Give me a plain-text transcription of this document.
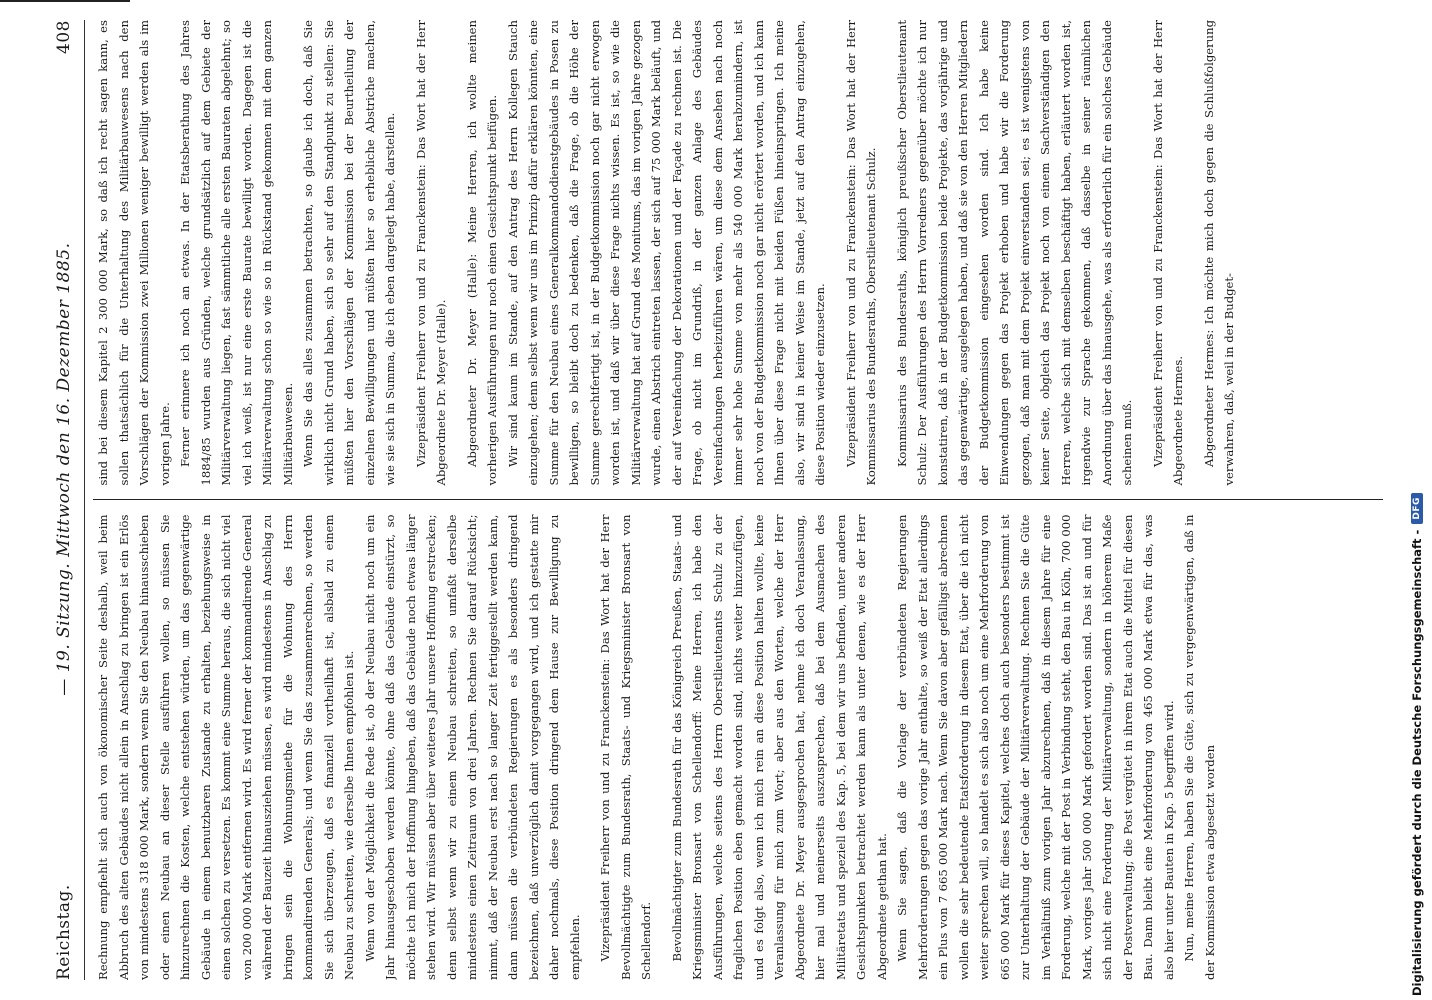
Reichstag.
— 19. Sitzung. Mittwoch den 16. Dezember 1885.
408

Rechnung empfiehlt sich auch von ökonomischer Seite deshalb, weil beim Abbruch des alten Gebäudes nicht allein in Anschlag zu bringen ist ein Erlös von mindestens 318 000 Mark, sondern wenn Sie den Neubau hinausschieben oder einen Neubau an dieser Stelle ausführen wollen, so müssen Sie hinzurechnen die Kosten, welche entstehen würden, um das gegenwärtige Gebäude in einem benutzbaren Zustande zu erhalten, beziehungsweise in einen solchen zu versetzen. Es kommt eine Summe heraus, die sich nicht viel von 200 000 Mark entfernen wird. Es wird ferner der kommandirende General während der Bauzeit hinausziehen müssen, es wird mindestens in Anschlag zu bringen sein die Wohnungsmiethe für die Wohnung des Herrn kommandirenden Generals; und wenn Sie das zusammenrechnen, so werden Sie sich überzeugen, daß es finanziell vortheilhaft ist, alsbald zu einem Neubau zu schreiten, wie derselbe Ihnen empfohlen ist. Wenn von der Möglichkeit die Rede ist, ob der Neubau nicht noch um ein Jahr hinausgeschoben werden könnte, ohne daß das Gebäude einstürzt, so möchte ich mich der Hoffnung hingeben, daß das Gebäude noch etwas länger stehen wird. Wir müssen aber über weiteres Jahr unsere Hoffnung erstrecken; denn selbst wenn wir zu einem Neubau schreiten, so umfaßt derselbe mindestens einen Zeitraum von drei Jahren. Rechnen Sie darauf Rücksicht; nimmt, daß der Neubau erst nach so langer Zeit fertiggestellt werden kann, dann müssen die verbündeten Regierungen es als besonders dringend bezeichnen, daß unverzüglich damit vorgegangen wird, und ich gestatte mir daher nochmals, diese Position dringend dem Hause zur Bewilligung zu empfehlen.	Vizepräsident Freiherr von und zu Franckenstein: Das Wort hat der Herr Bevollmächtigte zum Bundesrath, Staats- und Kriegsminister Bronsart von Schellendorf.	Bevollmächtigter zum Bundesrath für das Königreich Preußen, Staats- und Kriegsminister Bronsart von Schellendorff: Meine Herren, ich habe den Ausführungen, welche seitens des Herrn Oberstlieutenants Schulz zu der fraglichen Position eben gemacht worden sind, nichts weiter hinzuzufügen, und es folgt also, wenn ich mich rein an diese Position halten wollte, keine Veranlassung für mich zum Wort; aber aus den Worten, welche der Herr Abgeordnete Dr. Meyer ausgesprochen hat, nehme ich doch Veranlassung, hier mal und meinerseits auszusprechen, daß bei dem Ausmachen des Militäretats und speziell des Kap. 5, bei dem wir uns befinden, unter anderen Gesichtspunkten betrachtet werden kann als unter denen, wie es der Herr Abgeordnete gethan hat. Wenn Sie sagen, daß die Vorlage der verbündeten Regierungen Mehrforderungen gegen das vorige Jahr enthalte, so weiß der Etat allerdings ein Plus von 7 665 000 Mark nach. Wenn Sie davon aber gefälligst abrechnen wollen die sehr bedeutende Etatsforderung in diesem Etat, über die ich nicht weiter sprechen will, so handelt es sich also noch um eine Mehrforderung von 665 000 Mark für dieses Kapitel, welches doch auch besonders bestimmt ist zur Unterhaltung der Gebäude der Militärverwaltung. Rechnen Sie die Güte im Verhältniß zum vorigen Jahr abzurechnen, daß in diesem Jahre für eine Forderung, welche mit der Post in Verbindung steht, den Bau in Köln, 700 000 Mark, voriges Jahr 500 000 Mark gefordert worden sind. Das ist an und für sich nicht eine Forderung der Militärverwaltung, sondern in höherem Maße der Postverwaltung; die Post vergütet in ihrem Etat auch die Mittel für diesen Bau. Dann bleibt eine Mehrforderung von 465 000 Mark etwa für das, was also hier unter Bauten in Kap. 5 begriffen wird. Nun, meine Herren, haben Sie die Güte, sich zu vergegenwärtigen, daß in der Kommission etwa abgesetzt worden

sind bei diesem Kapitel 2 300 000 Mark, so daß ich recht sagen kann, es sollen thatsächlich für die Unterhaltung des Militärbauwesens nach den Vorschlägen der Kommission zwei Millionen weniger bewilligt werden als im vorigen Jahre. Ferner erinnere ich noch an etwas. In der Etatsberathung des Jahres 1884/85 wurden aus Gründen, welche grundsätzlich auf dem Gebiete der Militärverwaltung liegen, fast sämmtliche alle ersten Bauraten abgelehnt; so viel ich weiß, ist nur eine erste Baurate bewilligt worden. Dagegen ist die Militärverwaltung schon so wie so in Rückstand gekommen mit dem ganzen Militärbauwesen. Wenn Sie das alles zusammen betrachten, so glaube ich doch, daß Sie wirklich nicht Grund haben, sich so sehr auf den Standpunkt zu stellen: Sie müßten hier den Vorschlägen der Kommission bei der Beurtheilung der einzelnen Bewilligungen und müßten hier so erhebliche Abstriche machen, wie sie sich in Summa, die ich eben dargelegt habe, darstellen.	Vizepräsident Freiherr von und zu Franckenstein: Das Wort hat der Herr Abgeordnete Dr. Meyer (Halle).	Abgeordneter Dr. Meyer (Halle): Meine Herren, ich wollte meinen vorherigen Ausführungen nur noch einen Gesichtspunkt beifügen. Wir sind kaum im Stande, auf den Antrag des Herrn Kollegen Stauch einzugehen; denn selbst wenn wir uns im Prinzip dafür erklären könnten, eine Summe für den Neubau eines Generalkommandodienstgebäudes in Posen zu bewilligen, so bleibt doch zu bedenken, daß die Frage, ob die Höhe der Summe gerechtfertigt ist, in der Budgetkommission noch gar nicht erwogen worden ist, und daß wir über diese Frage nichts wissen. Es ist, so wie die Militärverwaltung hat auf Grund des Monitums, das im vorigen Jahre gezogen wurde, einen Abstrich eintreten lassen, der sich auf 75 000 Mark beläuft, und der auf Vereinfachung der Dekorationen und der Façade zu rechnen ist. Die Frage, ob nicht im Grundriß, in der ganzen Anlage des Gebäudes Vereinfachungen herbeizuführen wären, um diese dem Ansehen nach noch immer sehr hohe Summe von mehr als 540 000 Mark herabzumindern, ist noch von der Budgetkommission noch gar nicht erörtert worden, und ich kann Ihnen über diese Frage nicht mit beiden Füßen hineinspringen. Ich meine also, wir sind in keiner Weise im Stande, jetzt auf den Antrag einzugehen, diese Position wieder einzusetzen.	Vizepräsident Freiherr von und zu Franckenstein: Das Wort hat der Herr Kommissarius des Bundesraths, Oberstlieutenant Schulz.	Kommissarius des Bundesraths, königlich preußischer Oberstlieutenant Schulz: Der Ausführungen des Herrn Vorredners gegenüber möchte ich nur konstatiren, daß in der Budgetkommission beide Projekte, das vorjährige und das gegenwärtige, ausgelegen haben, und daß sie von den Herren Mitgliedern der Budgetkommission eingesehen worden sind. Ich habe keine Einwendungen gegen das Projekt erhoben und habe wir die Forderung gezogen, daß man mit dem Projekt einverstanden sei; es ist wenigstens von keiner Seite, obgleich das Projekt noch von einem Sachverständigen den Herren, welche sich mit demselben beschäftigt haben, erläutert worden ist, irgendwie zur Sprache gekommen, daß dasselbe in seiner räumlichen Anordnung über das hinausgehe, was als erforderlich für ein solches Gebäude scheinen muß.	Vizepräsident Freiherr von und zu Franckenstein: Das Wort hat der Herr Abgeordnete Hermes.	Abgeordneter Hermes: Ich möchte mich doch gegen die Schlußfolgerung verwahren, daß, weil in der Budget-

Digitalisierung gefördert durch die Deutsche Forschungsgemeinschaft -
DFG
